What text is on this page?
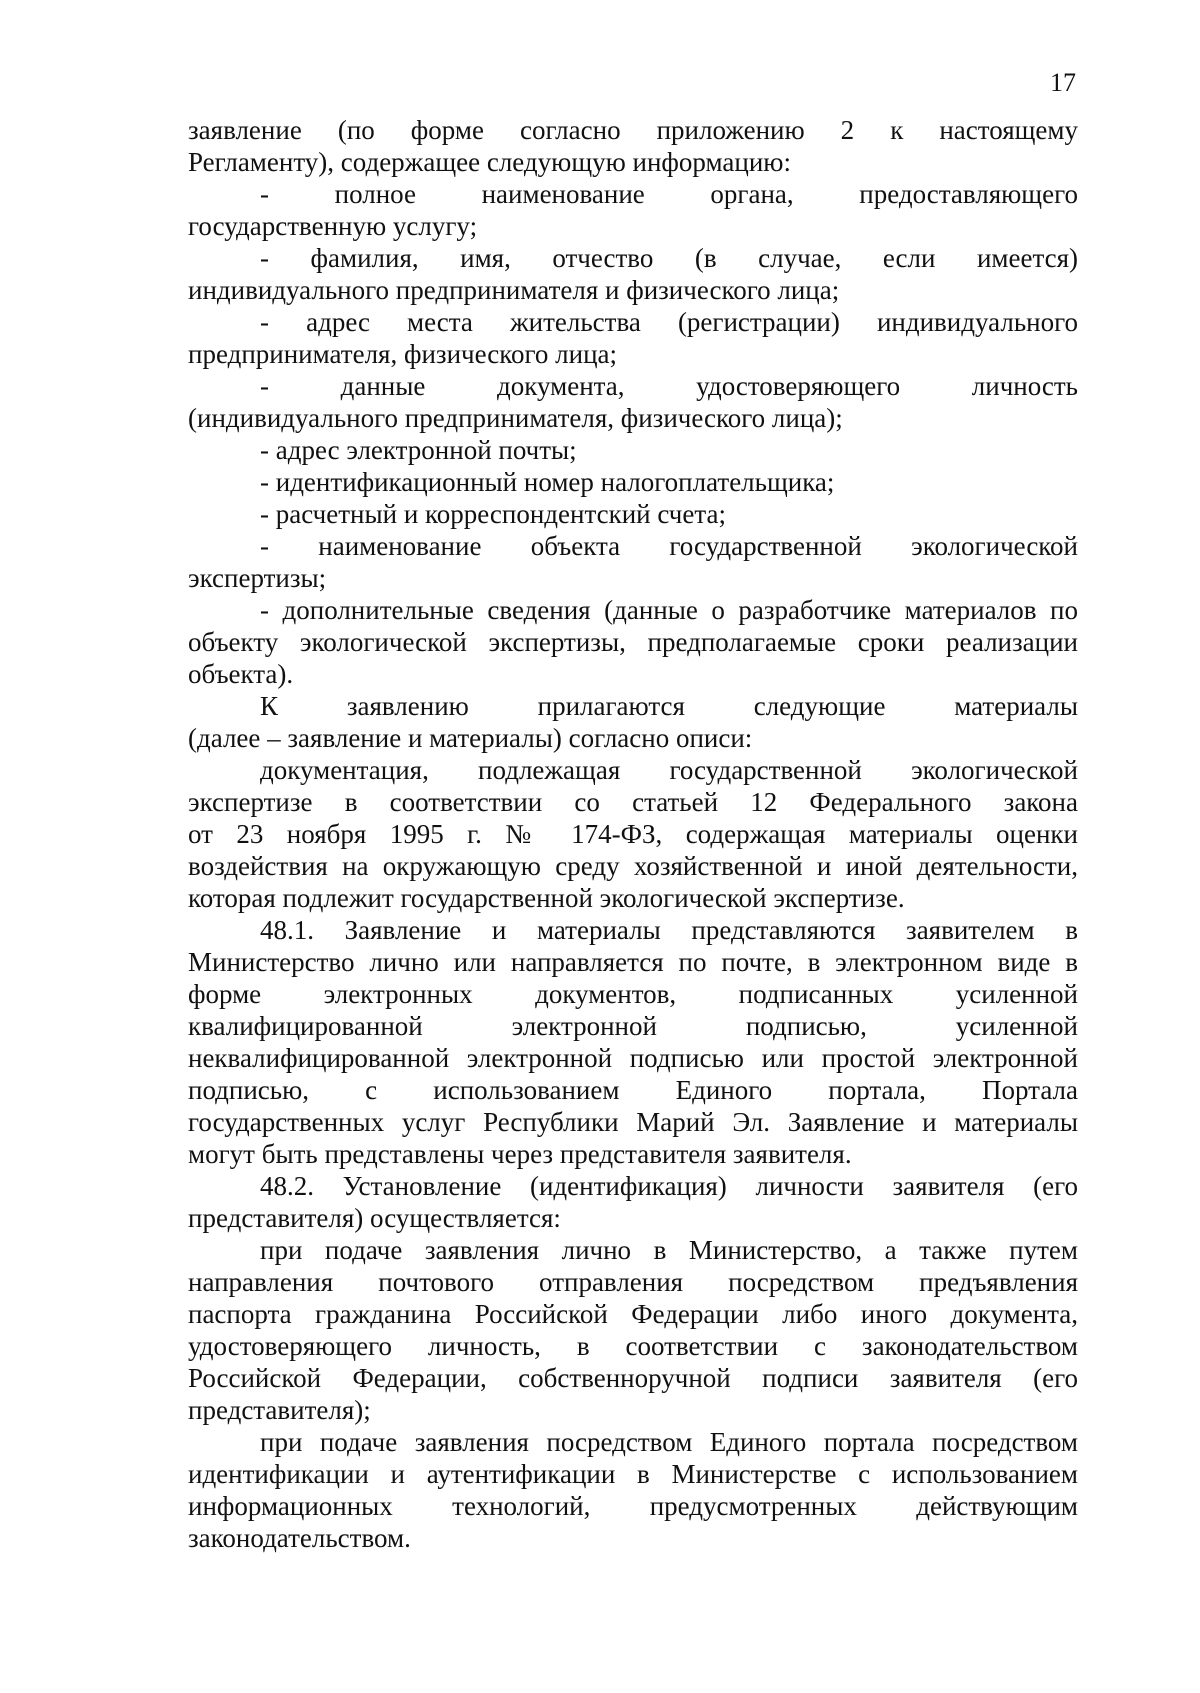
17
заявление (по форме согласно приложению 2 к настоящему
Регламенту), содержащее следующую информацию:
- полное наименование органа, предоставляющего
государственную услугу;
- фамилия, имя, отчество (в случае, если имеется)
индивидуального предпринимателя и физического лица;
- адрес места жительства (регистрации) индивидуального
предпринимателя, физического лица;
- данные документа, удостоверяющего личность
(индивидуального предпринимателя, физического лица);
- адрес электронной почты;
- идентификационный номер налогоплательщика;
- расчетный и корреспондентский счета;
- наименование объекта государственной экологической
экспертизы;
- дополнительные сведения (данные о разработчике материалов по
объекту экологической экспертизы, предполагаемые сроки реализации
объекта).
К заявлению прилагаются следующие материалы
(далее – заявление и материалы) согласно описи:
документация, подлежащая государственной экологической
экспертизе в соответствии со статьей 12 Федерального закона
от 23 ноября 1995 г. № 174-ФЗ, содержащая материалы оценки
воздействия на окружающую среду хозяйственной и иной деятельности,
которая подлежит государственной экологической экспертизе.
48.1. Заявление и материалы представляются заявителем в
Министерство лично или направляется по почте, в электронном виде в
форме электронных документов, подписанных усиленной
квалифицированной электронной подписью, усиленной
неквалифицированной электронной подписью или простой электронной
подписью, с использованием Единого портала, Портала
государственных услуг Республики Марий Эл. Заявление и материалы
могут быть представлены через представителя заявителя.
48.2. Установление (идентификация) личности заявителя (его
представителя) осуществляется:
при подаче заявления лично в Министерство, а также путем
направления почтового отправления посредством предъявления
паспорта гражданина Российской Федерации либо иного документа,
удостоверяющего личность, в соответствии с законодательством
Российской Федерации, собственноручной подписи заявителя (его
представителя);
при подаче заявления посредством Единого портала посредством
идентификации и аутентификации в Министерстве с использованием
информационных технологий, предусмотренных действующим
законодательством.
